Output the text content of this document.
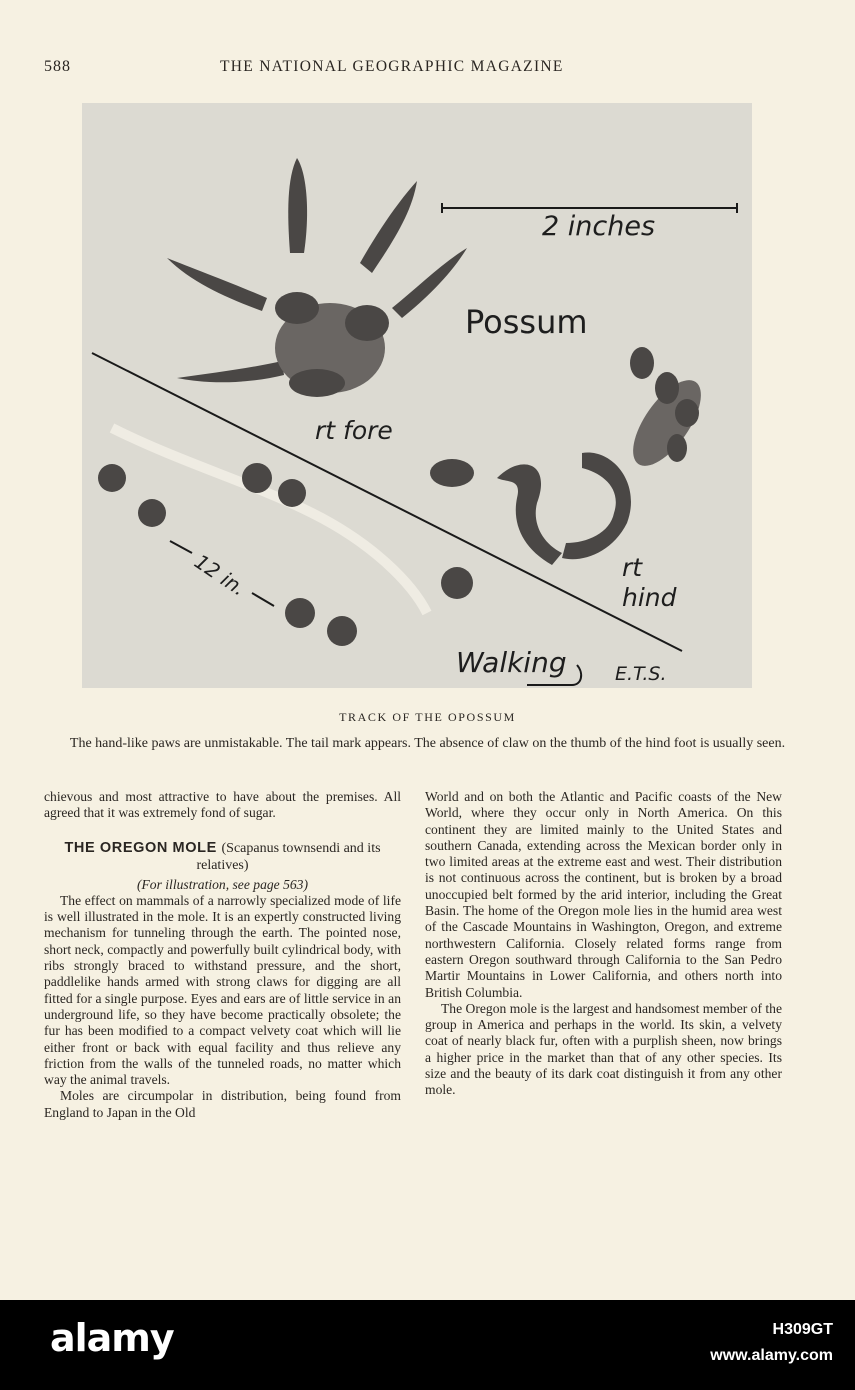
588	THE NATIONAL GEOGRAPHIC MAGAZINE
2 inches
Possum
rt fore
rt
hind
12 in.
Walking	E.T.S.
TRACK OF THE OPOSSUM
The hand-like paws are unmistakable. The tail mark appears. The absence of claw on the thumb of the hind foot is usually seen.

chievous and most attractive to have about the premises. All agreed that it was extremely fond of sugar.

THE OREGON MOLE (Scapanus townsendi and its relatives)

(For illustration, see page 563)

The effect on mammals of a narrowly specialized mode of life is well illustrated in the mole. It is an expertly constructed living mechanism for tunneling through the earth. The pointed nose, short neck, compactly and powerfully built cylindrical body, with ribs strongly braced to withstand pressure, and the short, paddlelike hands armed with strong claws for digging are all fitted for a single purpose. Eyes and ears are of little service in an underground life, so they have become practically obsolete; the fur has been modified to a compact velvety coat which will lie either front or back with equal facility and thus relieve any friction from the walls of the tunneled roads, no matter which way the animal travels.

Moles are circumpolar in distribution, being found from England to Japan in the Old

World and on both the Atlantic and Pacific coasts of the New World, where they occur only in North America. On this continent they are limited mainly to the United States and southern Canada, extending across the Mexican border only in two limited areas at the extreme east and west. Their distribution is not continuous across the continent, but is broken by a broad unoccupied belt formed by the arid interior, including the Great Basin. The home of the Oregon mole lies in the humid area west of the Cascade Mountains in Washington, Oregon, and extreme northwestern California. Closely related forms range from eastern Oregon southward through California to the San Pedro Martir Mountains in Lower California, and others north into British Columbia.

The Oregon mole is the largest and handsomest member of the group in America and perhaps in the world. Its skin, a velvety coat of nearly black fur, often with a purplish sheen, now brings a higher price in the market than that of any other species. Its size and the beauty of its dark coat distinguish it from any other mole.

alamy	H309GT
www.alamy.com
